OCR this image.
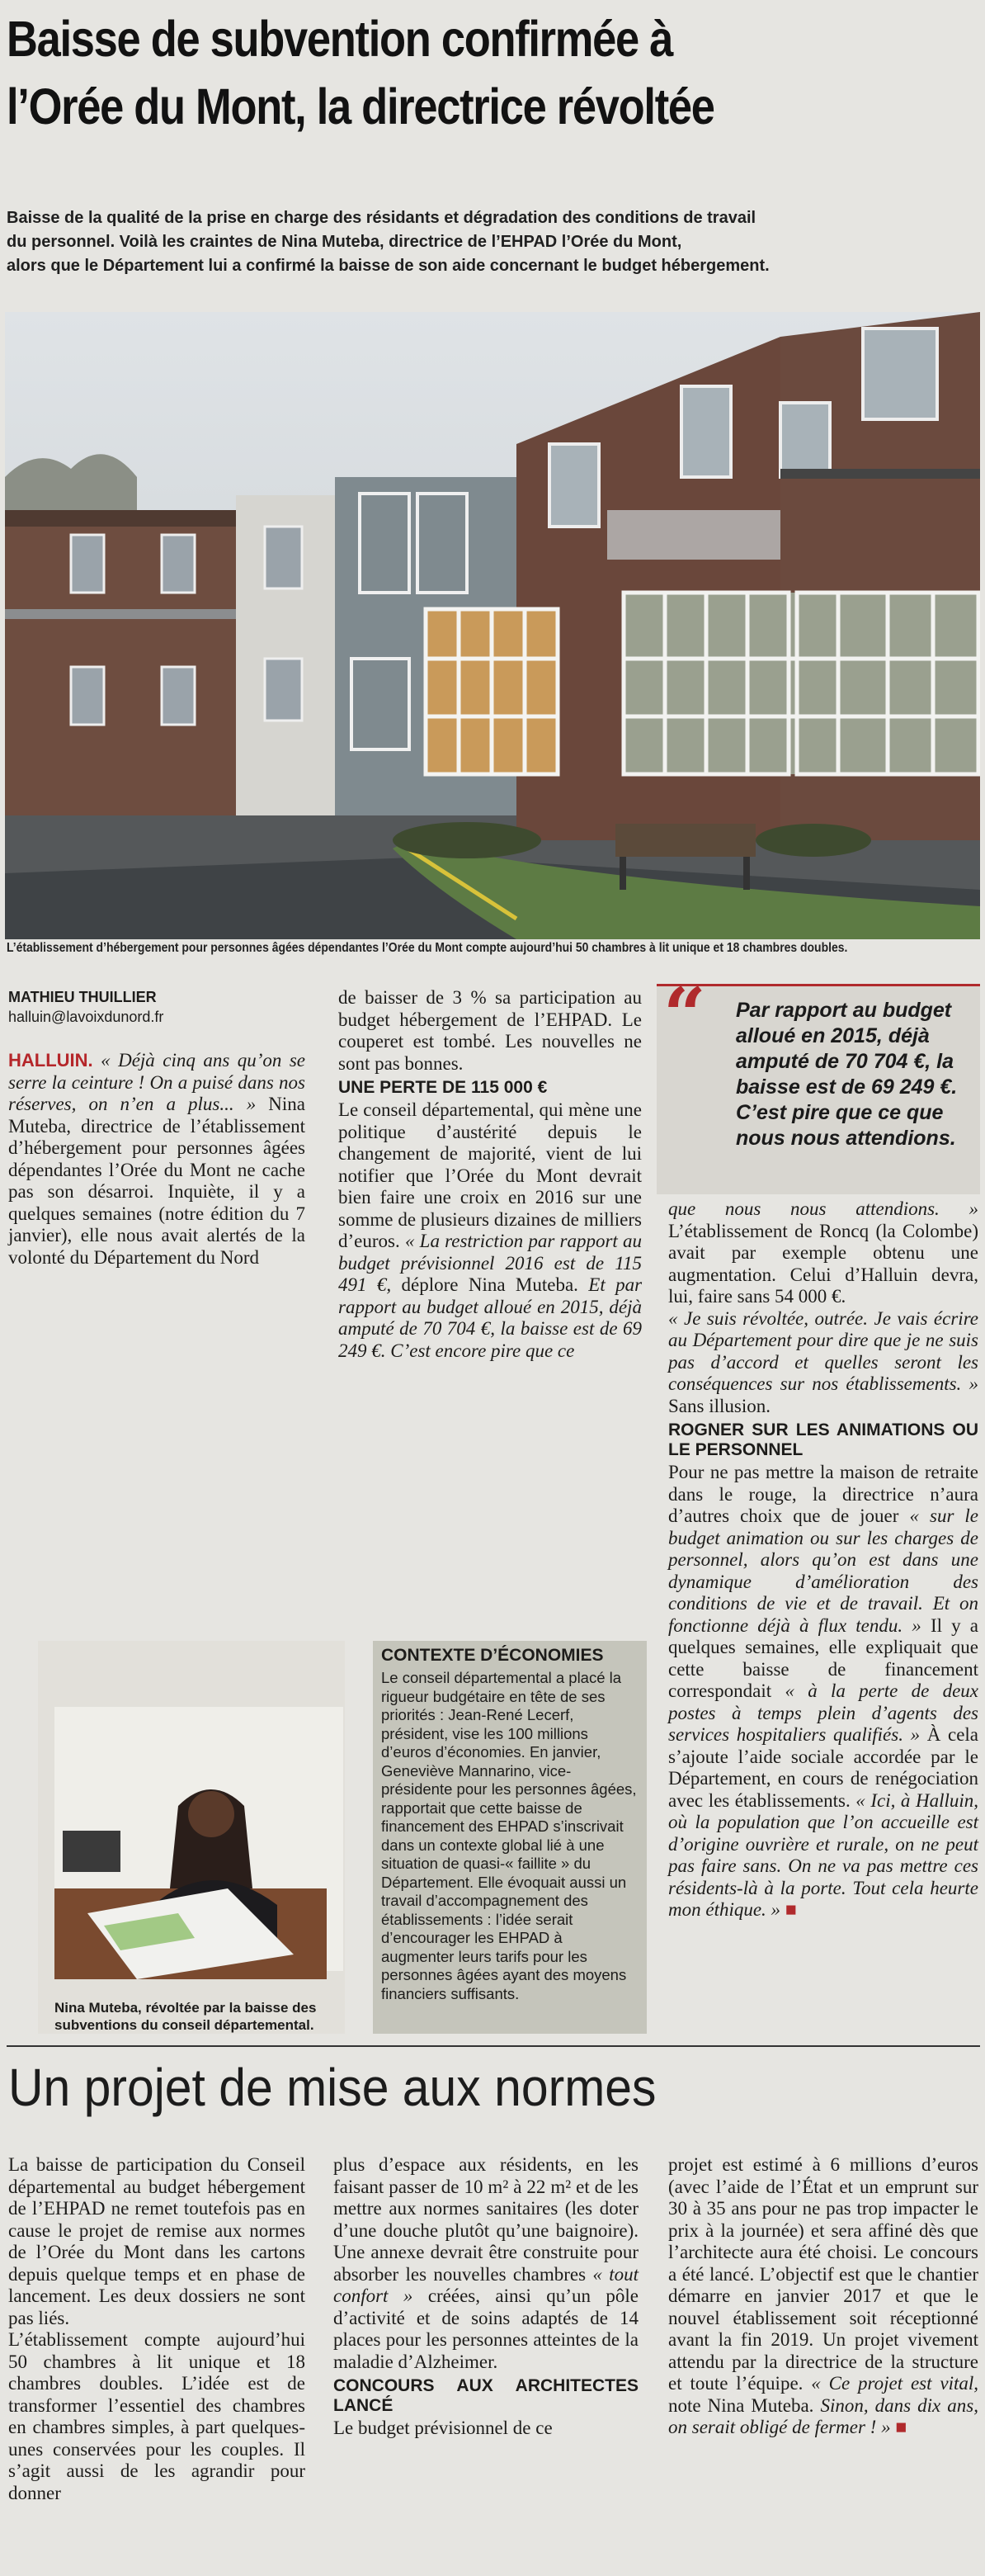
Baisse de subvention confirmée à
l’Orée du Mont, la directrice révoltée
Baisse de la qualité de la prise en charge des résidants et dégradation des conditions de travail
du personnel. Voilà les craintes de Nina Muteba, directrice de l’EHPAD l’Orée du Mont,
alors que le Département lui a confirmé la baisse de son aide concernant le budget hébergement.
L’établissement d’hébergement pour personnes âgées dépendantes l’Orée du Mont compte aujourd’hui 50 chambres à lit unique et 18 chambres doubles.
MATHIEU THUILLIER
halluin@lavoixdunord.fr

HALLUIN. « Déjà cinq ans qu’on se serre la ceinture ! On a puisé dans nos réserves, on n’en a plus... » Nina Muteba, directrice de l’établissement d’hébergement pour personnes âgées dépendantes l’Orée du Mont ne cache pas son désarroi. Inquiète, il y a quelques semaines (notre édition du 7 janvier), elle nous avait alertés de la volonté du Département du Nord

de baisser de 3 % sa participation au budget hébergement de l’EHPAD. Le couperet est tombé. Les nouvelles ne sont pas bonnes.

UNE PERTE DE 115 000 €

Le conseil départemental, qui mène une politique d’austérité depuis le changement de majorité, vient de lui notifier que l’Orée du Mont devrait bien faire une croix en 2016 sur une somme de plusieurs dizaines de milliers d’euros. « La restriction par rapport au budget prévisionnel 2016 est de 115 491 €, déplore Nina Muteba. Et par rapport au budget alloué en 2015, déjà amputé de 70 704 €, la baisse est de 69 249 €. C’est encore pire que ce

“	Par rapport au budget alloué en 2015, déjà amputé de 70 704 €, la baisse est de 69 249 €. C’est pire que ce que nous nous attendions.

que nous nous attendions. » L’établissement de Roncq (la Colombe) avait par exemple obtenu une augmentation. Celui d’Halluin devra, lui, faire sans 54 000 €.

« Je suis révoltée, outrée. Je vais écrire au Département pour dire que je ne suis pas d’accord et quelles seront les conséquences sur nos établissements. » Sans illusion.

ROGNER SUR LES ANIMATIONS OU LE PERSONNEL

Pour ne pas mettre la maison de retraite dans le rouge, la directrice n’aura d’autres choix que de jouer « sur le budget animation ou sur les charges de personnel, alors qu’on est dans une dynamique d’amélioration des conditions de vie et de travail. Et on fonctionne déjà à flux tendu. » Il y a quelques semaines, elle expliquait que cette baisse de financement correspondait « à la perte de deux postes à temps plein d’agents des services hospitaliers qualifiés. » À cela s’ajoute l’aide sociale accordée par le Département, en cours de renégociation avec les établissements. « Ici, à Halluin, où la population que l’on accueille est d’origine ouvrière et rurale, on ne peut pas faire sans. On ne va pas mettre ces résidents-là à la porte. Tout cela heurte mon éthique. » ■

Nina Muteba, révoltée par la baisse des subventions du conseil départemental.
CONTEXTE D’ÉCONOMIES
Le conseil départemental a placé la rigueur budgétaire en tête de ses priorités : Jean-René Lecerf, président, vise les 100 millions d’euros d’économies. En janvier, Geneviève Mannarino, vice-présidente pour les personnes âgées, rapportait que cette baisse de financement des EHPAD s’inscrivait dans un contexte global lié à une situation de quasi-« faillite » du Département. Elle évoquait aussi un travail d’accompagnement des établissements : l’idée serait d’encourager les EHPAD à augmenter leurs tarifs pour les personnes âgées ayant des moyens financiers suffisants.
Un projet de mise aux normes

La baisse de participation du Conseil départemental au budget hébergement de l’EHPAD ne remet toutefois pas en cause le projet de remise aux normes de l’Orée du Mont dans les cartons depuis quelque temps et en phase de lancement. Les deux dossiers ne sont pas liés.

L’établissement compte aujourd’hui 50 chambres à lit unique et 18 chambres doubles. L’idée est de transformer l’essentiel des chambres en chambres simples, à part quelques-unes conservées pour les couples. Il s’agit aussi de les agrandir pour donner

plus d’espace aux résidents, en les faisant passer de 10 m² à 22 m² et de les mettre aux normes sanitaires (les doter d’une douche plutôt qu’une baignoire). Une annexe devrait être construite pour absorber les nouvelles chambres « tout confort » créées, ainsi qu’un pôle d’activité et de soins adaptés de 14 places pour les personnes atteintes de la maladie d’Alzheimer.

CONCOURS AUX ARCHITECTES LANCÉ

Le budget prévisionnel de ce

projet est estimé à 6 millions d’euros (avec l’aide de l’État et un emprunt sur 30 à 35 ans pour ne pas trop impacter le prix à la journée) et sera affiné dès que l’architecte aura été choisi. Le concours a été lancé. L’objectif est que le chantier démarre en janvier 2017 et que le nouvel établissement soit réceptionné avant la fin 2019. Un projet vivement attendu par la directrice de la structure et toute l’équipe. « Ce projet est vital, note Nina Muteba. Sinon, dans dix ans, on serait obligé de fermer ! » ■
